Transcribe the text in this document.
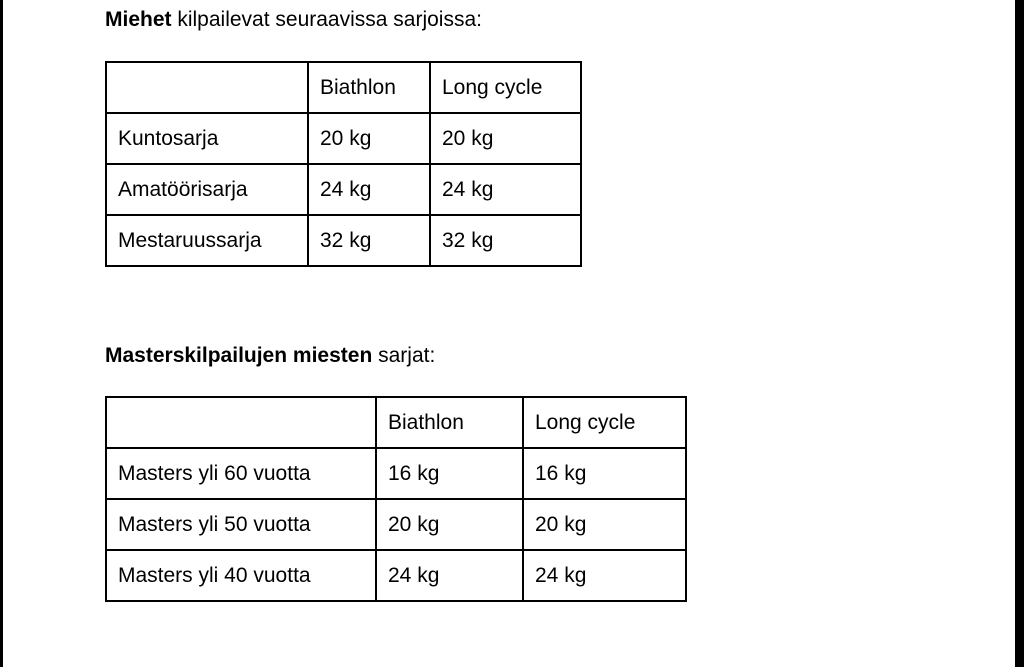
Miehet kilpailevat seuraavissa sarjoissa:
	Biathlon	Long cycle
Kuntosarja	20 kg	20 kg
Amatöörisarja	24 kg	24 kg
Mestaruussarja	32 kg	32 kg
Masterskilpailujen miesten sarjat:
	Biathlon	Long cycle
Masters yli 60 vuotta	16 kg	16 kg
Masters yli 50 vuotta	20 kg	20 kg
Masters yli 40 vuotta	24 kg	24 kg
